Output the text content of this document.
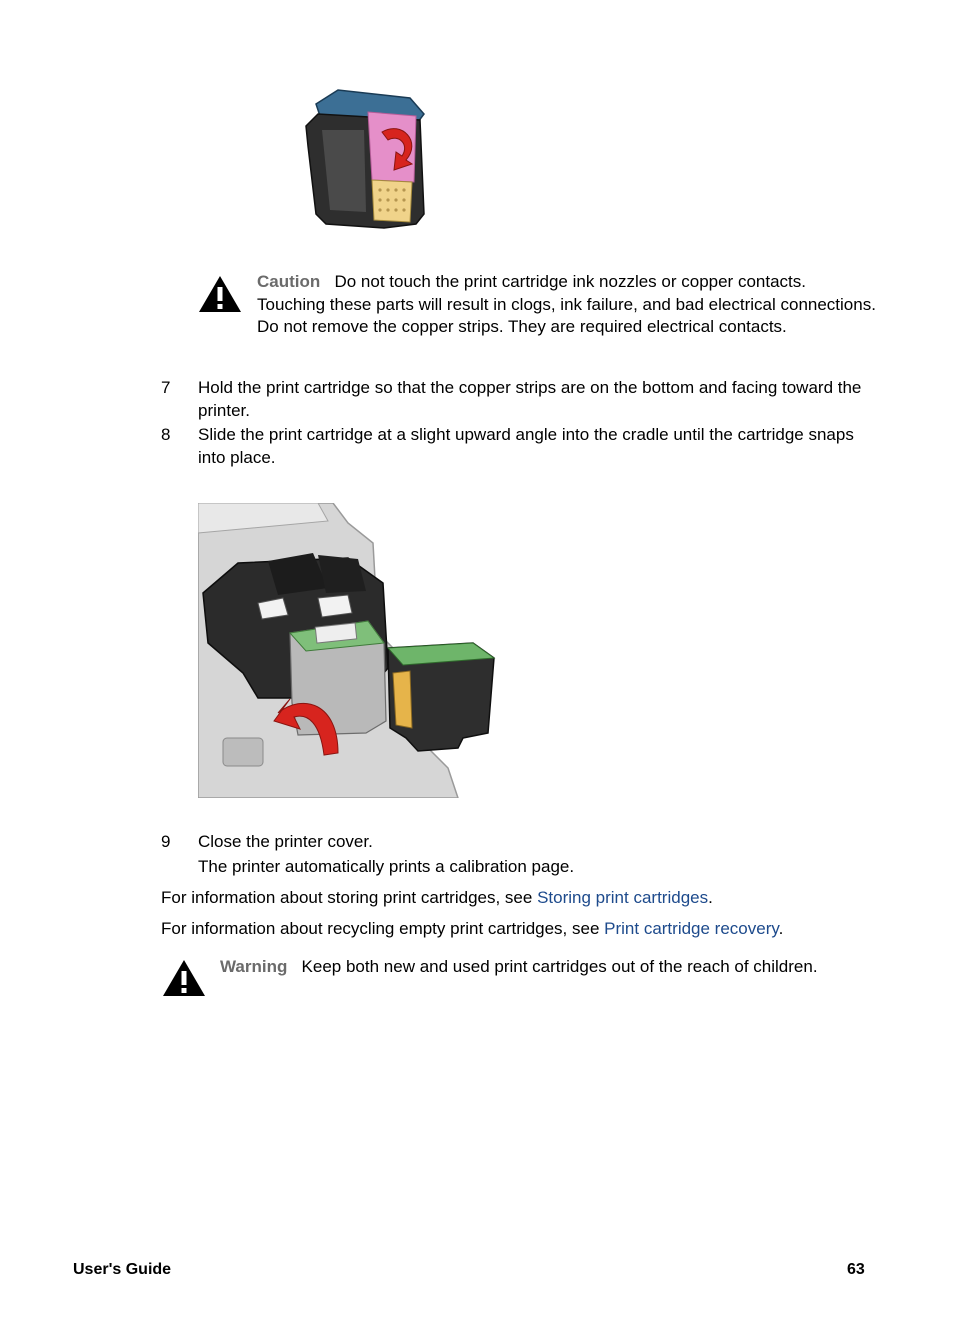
Caution Do not touch the print cartridge ink nozzles or copper contacts. Touching these parts will result in clogs, ink failure, and bad electrical connections. Do not remove the copper strips. They are required electrical contacts.
7 Hold the print cartridge so that the copper strips are on the bottom and facing toward the printer.
8 Slide the print cartridge at a slight upward angle into the cradle until the cartridge snaps into place.
9 Close the printer cover.
The printer automatically prints a calibration page.
For information about storing print cartridges, see Storing print cartridges.
For information about recycling empty print cartridges, see Print cartridge recovery.
Warning Keep both new and used print cartridges out of the reach of children.
User's Guide	63
